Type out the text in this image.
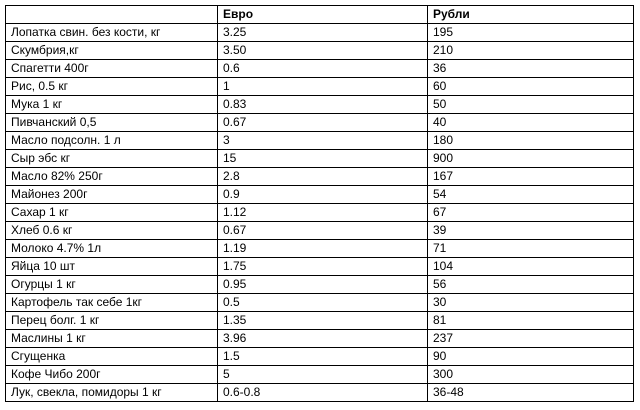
	Евро	Рубли
Лопатка свин. без кости, кг	3.25	195
Скумбрия,кг	3.50	210
Спагетти 400г	0.6	36
Рис, 0.5 кг	1	60
Мука 1 кг	0.83	50
Пивчанский 0,5	0.67	40
Масло подсолн. 1 л	3	180
Сыр эбс кг	15	900
Масло 82% 250г	2.8	167
Майонез 200г	0.9	54
Сахар 1 кг	1.12	67
Хлеб 0.6 кг	0.67	39
Молоко 4.7% 1л	1.19	71
Яйца 10 шт	1.75	104
Огурцы 1 кг	0.95	56
Картофель так себе 1кг	0.5	30
Перец болг. 1 кг	1.35	81
Маслины 1 кг	3.96	237
Сгущенка	1.5	90
Кофе Чибо 200г	5	300
Лук, свекла, помидоры 1 кг	0.6-0.8	36-48
